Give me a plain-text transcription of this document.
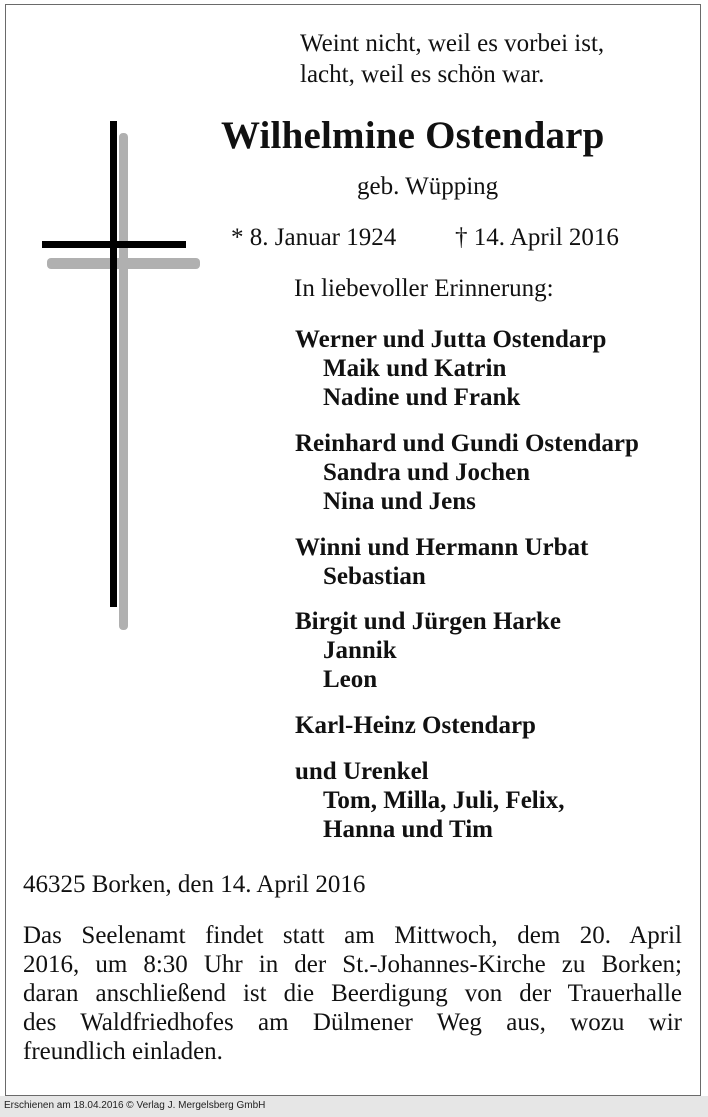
Weint nicht, weil es vorbei ist,
lacht, weil es schön war.
Wilhelmine Ostendarp
geb. Wüpping
* 8. Januar 1924 † 14. April 2016
In liebevoller Erinnerung:
Werner und Jutta Ostendarp
Maik und Katrin
Nadine und Frank
Reinhard und Gundi Ostendarp
Sandra und Jochen
Nina und Jens
Winni und Hermann Urbat
Sebastian
Birgit und Jürgen Harke
Jannik
Leon
Karl-Heinz Ostendarp
und Urenkel
Tom, Milla, Juli, Felix,
Hanna und Tim
46325 Borken, den 14. April 2016
Das Seelenamt findet statt am Mittwoch, dem 20. April
2016, um 8:30 Uhr in der St.-Johannes-Kirche zu Borken;
daran anschließend ist die Beerdigung von der Trauerhalle
des Waldfriedhofes am Dülmener Weg aus, wozu wir
freundlich einladen.
Erschienen am 18.04.2016 © Verlag J. Mergelsberg GmbH
